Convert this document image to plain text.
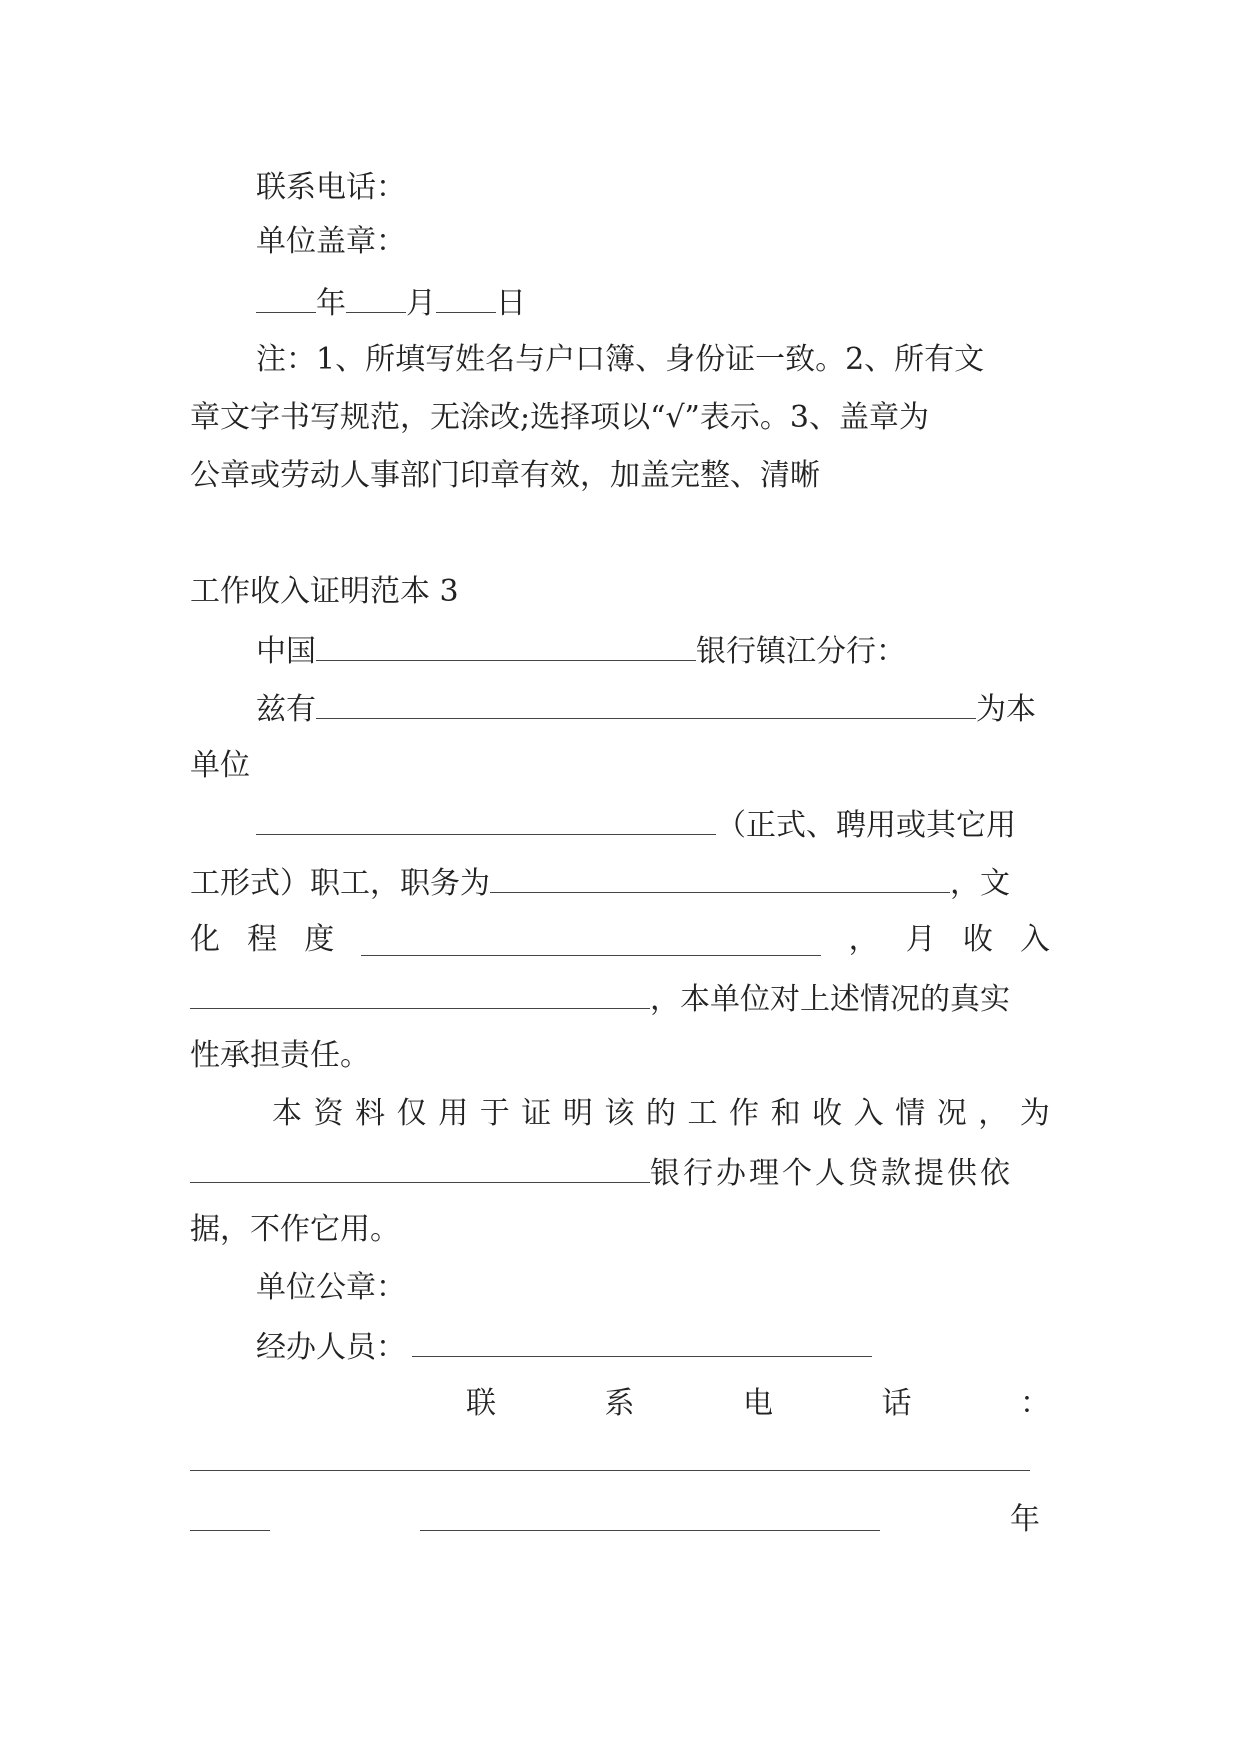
联系电话：
单位盖章：
年 月 日
注：1、所填写姓名与户口簿、身份证一致。2、所有文
章文字书写规范，无涂改;选择项以“√”表示。3、盖章为
公章或劳动人事部门印章有效，加盖完整、清晰
工作收入证明范本 3
中国	银行镇江分行：
兹有	为本
单位
（正式、聘用或其它用
工形式）职工，职务为	，文
化 程 度	， 月 收 入
，本单位对上述情况的真实
性承担责任。
本 资 料 仅 用 于 证 明 该 的 工 作 和 收 入 情 况 ， 为
银行办理个人贷款提供依
据，不作它用。
单位公章：
经办人员：
联	系	电	话	：
年
